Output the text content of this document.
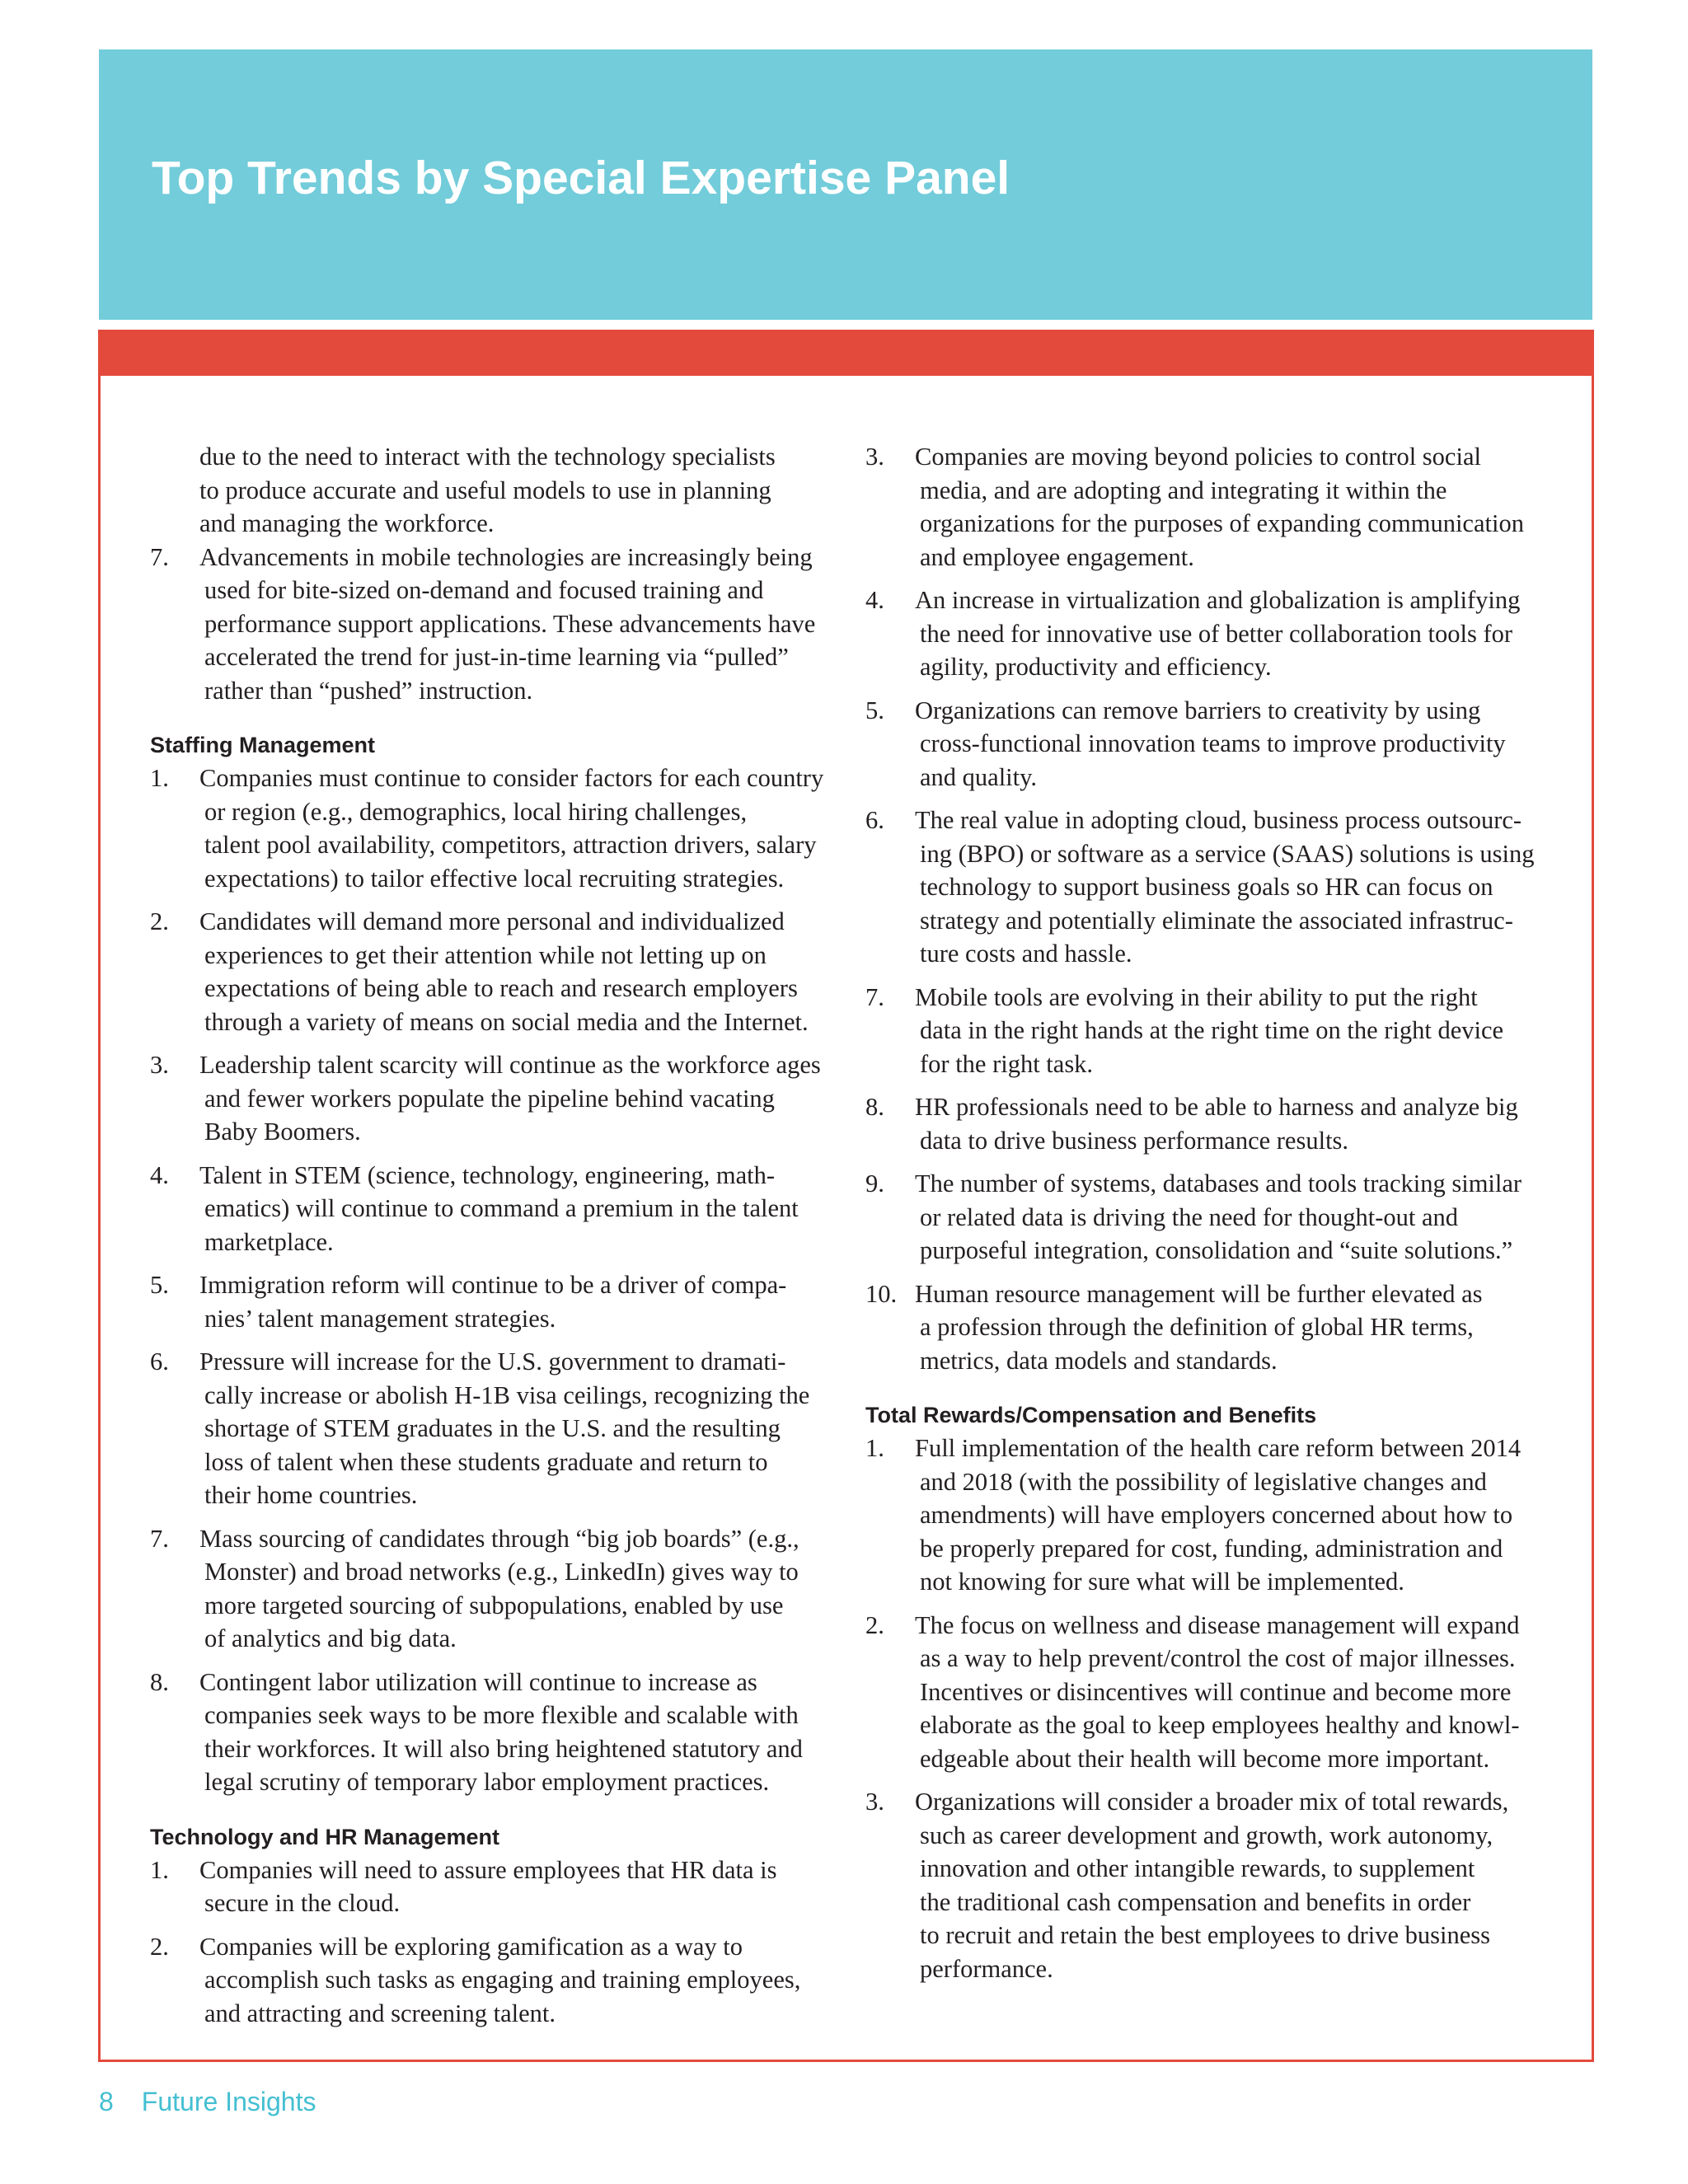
Top Trends by Special Expertise Panel

due to the need to interact with the technology specialists
to produce accurate and useful models to use in planning
and managing the workforce.

7. Advancements in mobile technologies are increasingly being
used for bite-sized on-demand and focused training and
performance support applications. These advancements have
accelerated the trend for just-in-time learning via “pulled”
rather than “pushed” instruction.
Staffing Management
1. Companies must continue to consider factors for each country
or region (e.g., demographics, local hiring challenges,
talent pool availability, competitors, attraction drivers, salary
expectations) to tailor effective local recruiting strategies.
2. Candidates will demand more personal and individualized
experiences to get their attention while not letting up on
expectations of being able to reach and research employers
through a variety of means on social media and the Internet.
3. Leadership talent scarcity will continue as the workforce ages
and fewer workers populate the pipeline behind vacating
Baby Boomers.
4. Talent in STEM (science, technology, engineering, math-
ematics) will continue to command a premium in the talent
marketplace.
5. Immigration reform will continue to be a driver of compa-
nies’ talent management strategies.
6. Pressure will increase for the U.S. government to dramati-
cally increase or abolish H-1B visa ceilings, recognizing the
shortage of STEM graduates in the U.S. and the resulting
loss of talent when these students graduate and return to
their home countries.
7. Mass sourcing of candidates through “big job boards” (e.g.,
Monster) and broad networks (e.g., LinkedIn) gives way to
more targeted sourcing of subpopulations, enabled by use
of analytics and big data.
8. Contingent labor utilization will continue to increase as
companies seek ways to be more flexible and scalable with
their workforces. It will also bring heightened statutory and
legal scrutiny of temporary labor employment practices.
Technology and HR Management
1. Companies will need to assure employees that HR data is
secure in the cloud.
2. Companies will be exploring gamification as a way to
accomplish such tasks as engaging and training employees,
and attracting and screening talent.
3. Companies are moving beyond policies to control social
media, and are adopting and integrating it within the
organizations for the purposes of expanding communication
and employee engagement.
4. An increase in virtualization and globalization is amplifying
the need for innovative use of better collaboration tools for
agility, productivity and efficiency.
5. Organizations can remove barriers to creativity by using
cross-functional innovation teams to improve productivity
and quality.
6. The real value in adopting cloud, business process outsourc-
ing (BPO) or software as a service (SAAS) solutions is using
technology to support business goals so HR can focus on
strategy and potentially eliminate the associated infrastruc-
ture costs and hassle.
7. Mobile tools are evolving in their ability to put the right
data in the right hands at the right time on the right device
for the right task.
8. HR professionals need to be able to harness and analyze big
data to drive business performance results.
9. The number of systems, databases and tools tracking similar
or related data is driving the need for thought-out and
purposeful integration, consolidation and “suite solutions.”
10. Human resource management will be further elevated as
a profession through the definition of global HR terms,
metrics, data models and standards.
Total Rewards/Compensation and Benefits
1. Full implementation of the health care reform between 2014
and 2018 (with the possibility of legislative changes and
amendments) will have employers concerned about how to
be properly prepared for cost, funding, administration and
not knowing for sure what will be implemented.
2. The focus on wellness and disease management will expand
as a way to help prevent/control the cost of major illnesses.
Incentives or disincentives will continue and become more
elaborate as the goal to keep employees healthy and knowl-
edgeable about their health will become more important.
3. Organizations will consider a broader mix of total rewards,
such as career development and growth, work autonomy,
innovation and other intangible rewards, to supplement
the traditional cash compensation and benefits in order
to recruit and retain the best employees to drive business
performance.
8 Future Insights
